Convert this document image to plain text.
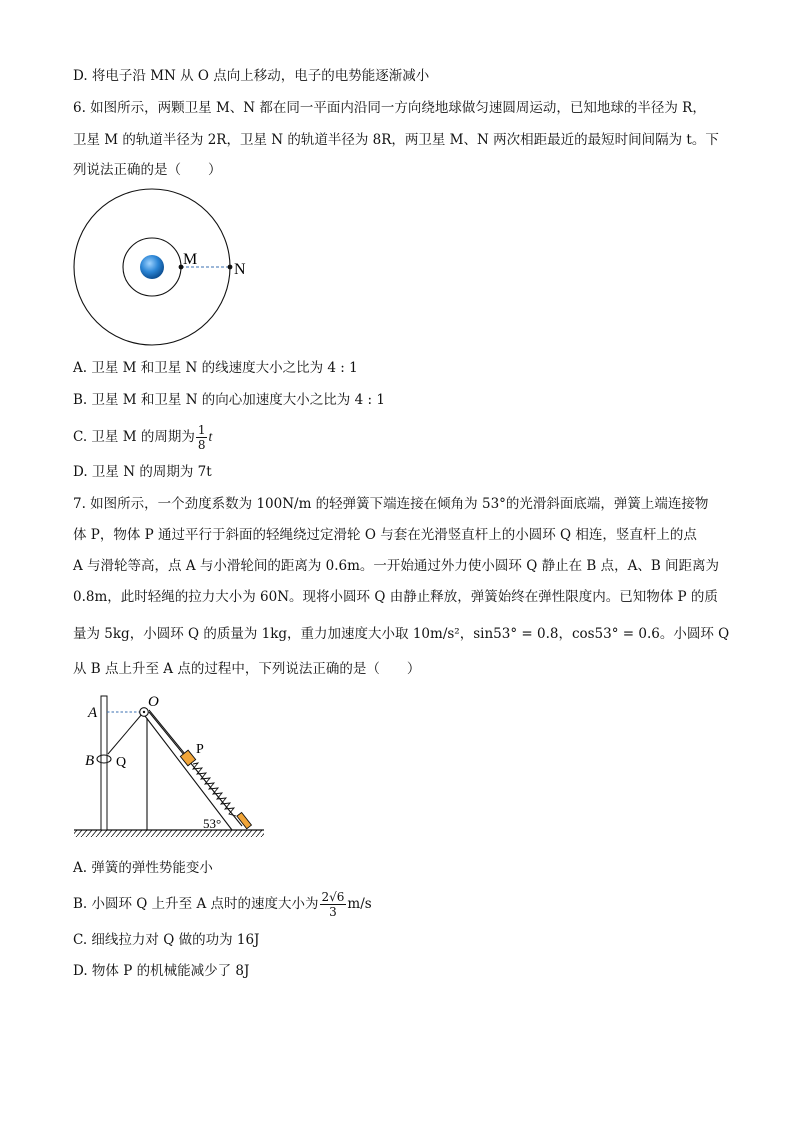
D. 将电子沿 MN 从 O 点向上移动，电子的电势能逐渐减小
6. 如图所示，两颗卫星 M、N 都在同一平面内沿同一方向绕地球做匀速圆周运动，已知地球的半径为 R，
卫星 M 的轨道半径为 2R，卫星 N 的轨道半径为 8R，两卫星 M、N 两次相距最近的最短时间间隔为 t。下
列说法正确的是（　　）
M
N
A. 卫星 M 和卫星 N 的线速度大小之比为 4 : 1
B. 卫星 M 和卫星 N 的向心加速度大小之比为 4 : 1
C. 卫星 M 的周期为 $\frac{1}{8}$ t
D. 卫星 N 的周期为 7t
7. 如图所示，一个劲度系数为 100N/m 的轻弹簧下端连接在倾角为 53°的光滑斜面底端，弹簧上端连接物
体 P，物体 P 通过平行于斜面的轻绳绕过定滑轮 O 与套在光滑竖直杆上的小圆环 Q 相连，竖直杆上的点
A 与滑轮等高，点 A 与小滑轮间的距离为 0.6m。一开始通过外力使小圆环 Q 静止在 B 点，A、B 间距离为
0.8m，此时轻绳的拉力大小为 60N。现将小圆环 Q 由静止释放，弹簧始终在弹性限度内。已知物体 P 的质
量为 5kg，小圆环 Q 的质量为 1kg，重力加速度大小取 10m/s²，sin53° = 0.8，cos53° = 0.6。小圆环 Q
从 B 点上升至 A 点的过程中，下列说法正确的是（　　）
A
O
P
B Q
53°
A. 弹簧的弹性势能变小
B. 小圆环 Q 上升至 A 点时的速度大小为 $\frac{2√6}{3} m/s$
C. 细线拉力对 Q 做的功为 16J
D. 物体 P 的机械能减少了 8J
